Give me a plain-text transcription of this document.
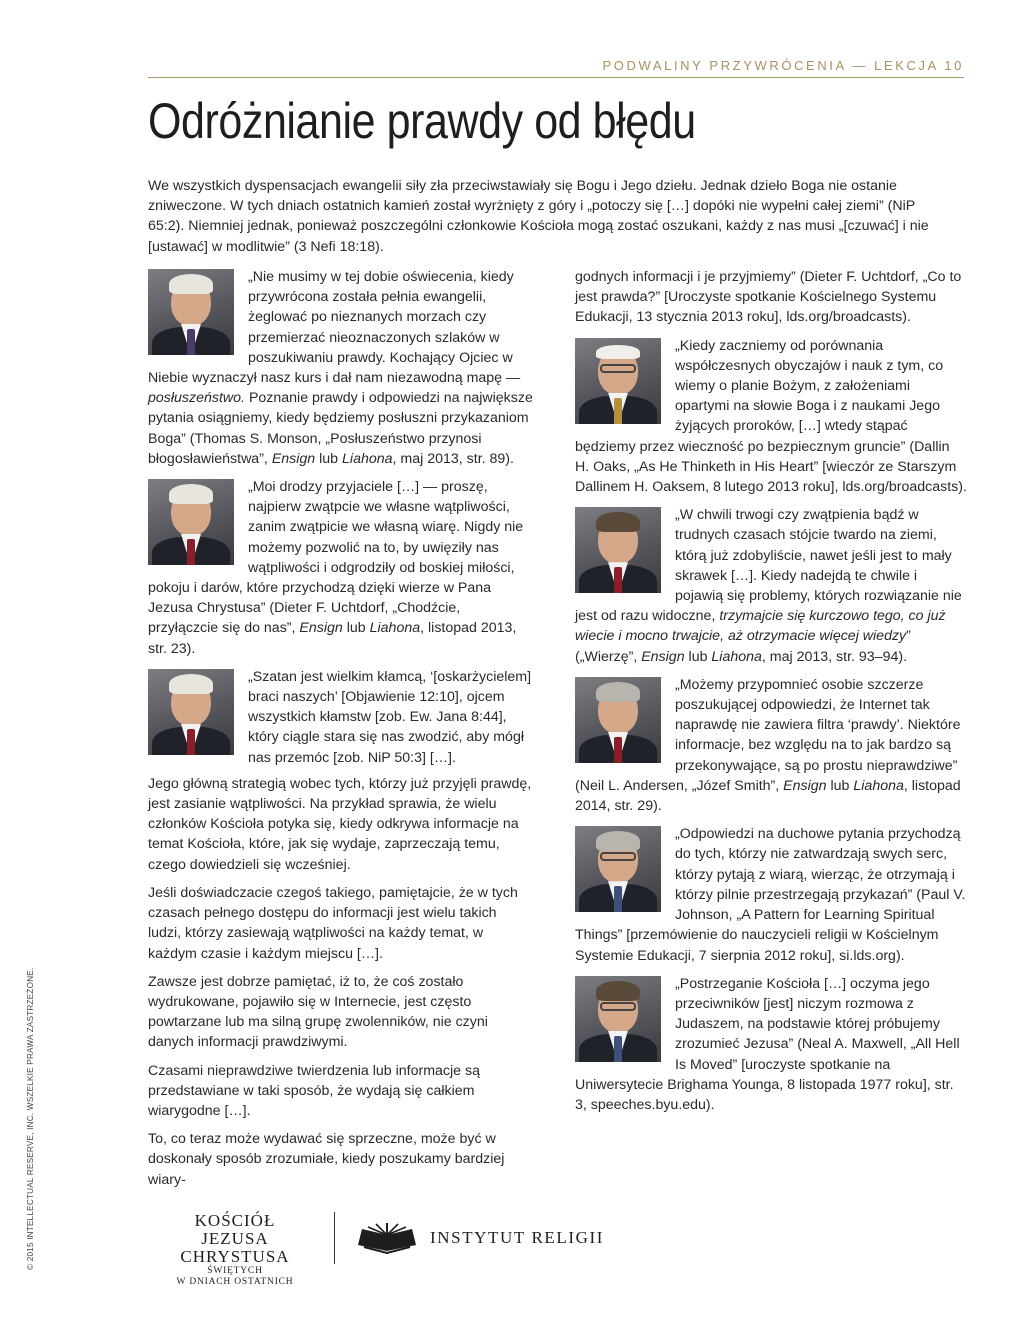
PODWALINY PRZYWRÓCENIA — LEKCJA 10
Odróżnianie prawdy od błędu
We wszystkich dyspensacjach ewangelii siły zła przeciwstawiały się Bogu i Jego dziełu. Jednak dzieło Boga nie ostanie zniweczone. W tych dniach ostatnich kamień został wyrżnięty z góry i „potoczy się […] dopóki nie wypełni całej ziemi” (NiP 65:2). Niemniej jednak, ponieważ poszczególni członkowie Kościoła mogą zostać oszukani, każdy z nas musi „[czuwać] i nie [ustawać] w modlitwie” (3 Nefi 18:18).
„Nie musimy w tej dobie oświecenia, kiedy przywrócona została pełnia ewangelii, żeglować po nieznanych morzach czy przemierzać nieoznaczonych szlaków w poszukiwaniu prawdy. Kochający Ojciec w Niebie wyznaczył nasz kurs i dał nam niezawodną mapę — posłuszeństwo. Poznanie prawdy i odpowiedzi na największe pytania osiągniemy, kiedy będziemy posłuszni przykazaniom Boga” (Thomas S. Monson, „Posłuszeństwo przynosi błogosławieństwa”, Ensign lub Liahona, maj 2013, str. 89).
„Moi drodzy przyjaciele […] — proszę, najpierw zwątpcie we własne wątpliwości, zanim zwątpicie we własną wiarę. Nigdy nie możemy pozwolić na to, by uwięziły nas wątpliwości i odgrodziły od boskiej miłości, pokoju i darów, które przychodzą dzięki wierze w Pana Jezusa Chrystusa” (Dieter F. Uchtdorf, „Chodźcie, przyłączcie się do nas”, Ensign lub Liahona, listopad 2013, str. 23).
„Szatan jest wielkim kłamcą, ‘[oskarżycielem] braci naszych’ [Objawienie 12:10], ojcem wszystkich kłamstw [zob. Ew. Jana 8:44], który ciągle stara się nas zwodzić, aby mógł nas przemóc [zob. NiP 50:3] […].
Jego główną strategią wobec tych, którzy już przyjęli prawdę, jest zasianie wątpliwości. Na przykład sprawia, że wielu członków Kościoła potyka się, kiedy odkrywa informacje na temat Kościoła, które, jak się wydaje, zaprzeczają temu, czego dowiedzieli się wcześniej.

Jeśli doświadczacie czegoś takiego, pamiętajcie, że w tych czasach pełnego dostępu do informacji jest wielu takich ludzi, którzy zasiewają wątpliwości na każdy temat, w każdym czasie i każdym miejscu […].

Zawsze jest dobrze pamiętać, iż to, że coś zostało wydrukowane, pojawiło się w Internecie, jest często powtarzane lub ma silną grupę zwolenników, nie czyni danych informacji prawdziwymi.

Czasami nieprawdziwe twierdzenia lub informacje są przedstawiane w taki sposób, że wydają się całkiem wiarygodne […].

To, co teraz może wydawać się sprzeczne, może być w doskonały sposób zrozumiałe, kiedy poszukamy bardziej wiary-

godnych informacji i je przyjmiemy” (Dieter F. Uchtdorf, „Co to jest prawda?” [Uroczyste spotkanie Kościelnego Systemu Edukacji, 13 stycznia 2013 roku], lds.org/broadcasts).

„Kiedy zaczniemy od porównania współczesnych obyczajów i nauk z tym, co wiemy o planie Bożym, z założeniami opartymi na słowie Boga i z naukami Jego żyjących proroków, […] wtedy stąpać będziemy przez wieczność po bezpiecznym gruncie” (Dallin H. Oaks, „As He Thinketh in His Heart” [wieczór ze Starszym Dallinem H. Oaksem, 8 lutego 2013 roku], lds.org/broadcasts).
„W chwili trwogi czy zwątpienia bądź w trudnych czasach stójcie twardo na ziemi, którą już zdobyliście, nawet jeśli jest to mały skrawek […]. Kiedy nadejdą te chwile i pojawią się problemy, których rozwiązanie nie jest od razu widoczne, trzymajcie się kurczowo tego, co już wiecie i mocno trwajcie, aż otrzymacie więcej wiedzy” („Wierzę”, Ensign lub Liahona, maj 2013, str. 93–94).
„Możemy przypomnieć osobie szczerze poszukującej odpowiedzi, że Internet tak naprawdę nie zawiera filtra ‘prawdy’. Niektóre informacje, bez względu na to jak bardzo są przekonywające, są po prostu nieprawdziwe” (Neil L. Andersen, „Józef Smith”, Ensign lub Liahona, listopad 2014, str. 29).
„Odpowiedzi na duchowe pytania przychodzą do tych, którzy nie zatwardzają swych serc, którzy pytają z wiarą, wierząc, że otrzymają i którzy pilnie przestrzegają przykazań” (Paul V. Johnson, „A Pattern for Learning Spiritual Things” [przemówienie do nauczycieli religii w Kościelnym Systemie Edukacji, 7 sierpnia 2012 roku], si.lds.org).
„Postrzeganie Kościoła […] oczyma jego przeciwników [jest] niczym rozmowa z Judaszem, na podstawie której próbujemy zrozumieć Jezusa” (Neal A. Maxwell, „All Hell Is Moved” [uroczyste spotkanie na Uniwersytecie Brighama Younga, 8 listopada 1977 roku], str. 3, speeches.byu.edu).
© 2015 INTELLECTUAL RESERVE, INC. WSZELKIE PRAWA ZASTRZEŻONE.	KOŚCIÓŁ
JEZUSA CHRYSTUSA
ŚWIĘTYCH
W DNIACH OSTATNICH
INSTYTUT RELIGII
